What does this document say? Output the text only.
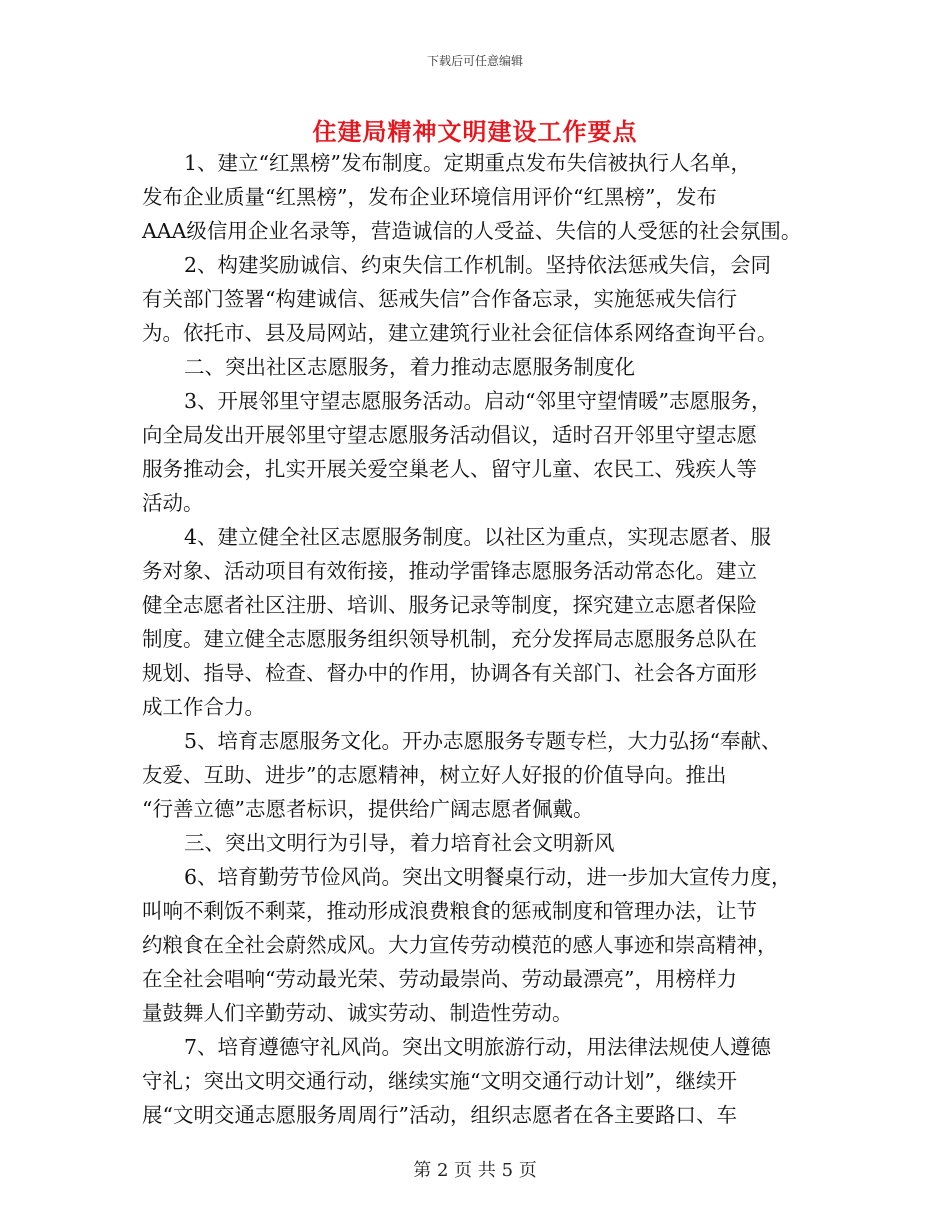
下载后可任意编辑
住建局精神文明建设工作要点
1、建立“红黑榜”发布制度。定期重点发布失信被执行人名单，
发布企业质量“红黑榜”，发布企业环境信用评价“红黑榜”，发布
AAA级信用企业名录等，营造诚信的人受益、失信的人受惩的社会氛围。
2、构建奖励诚信、约束失信工作机制。坚持依法惩戒失信，会同
有关部门签署“构建诚信、惩戒失信”合作备忘录，实施惩戒失信行
为。依托市、县及局网站，建立建筑行业社会征信体系网络查询平台。
二、突出社区志愿服务，着力推动志愿服务制度化
3、开展邻里守望志愿服务活动。启动“邻里守望情暖”志愿服务，
向全局发出开展邻里守望志愿服务活动倡议，适时召开邻里守望志愿
服务推动会，扎实开展关爱空巢老人、留守儿童、农民工、残疾人等
活动。
4、建立健全社区志愿服务制度。以社区为重点，实现志愿者、服
务对象、活动项目有效衔接，推动学雷锋志愿服务活动常态化。建立
健全志愿者社区注册、培训、服务记录等制度，探究建立志愿者保险
制度。建立健全志愿服务组织领导机制，充分发挥局志愿服务总队在
规划、指导、检查、督办中的作用，协调各有关部门、社会各方面形
成工作合力。
5、培育志愿服务文化。开办志愿服务专题专栏，大力弘扬“奉献、
友爱、互助、进步”的志愿精神，树立好人好报的价值导向。推出
“行善立德”志愿者标识，提供给广阔志愿者佩戴。
三、突出文明行为引导，着力培育社会文明新风
6、培育勤劳节俭风尚。突出文明餐桌行动，进一步加大宣传力度，
叫响不剩饭不剩菜，推动形成浪费粮食的惩戒制度和管理办法，让节
约粮食在全社会蔚然成风。大力宣传劳动模范的感人事迹和崇高精神，
在全社会唱响“劳动最光荣、劳动最崇尚、劳动最漂亮”，用榜样力
量鼓舞人们辛勤劳动、诚实劳动、制造性劳动。
7、培育遵德守礼风尚。突出文明旅游行动，用法律法规使人遵德
守礼；突出文明交通行动，继续实施“文明交通行动计划”，继续开
展“文明交通志愿服务周周行”活动，组织志愿者在各主要路口、车
第 2 页 共 5 页
